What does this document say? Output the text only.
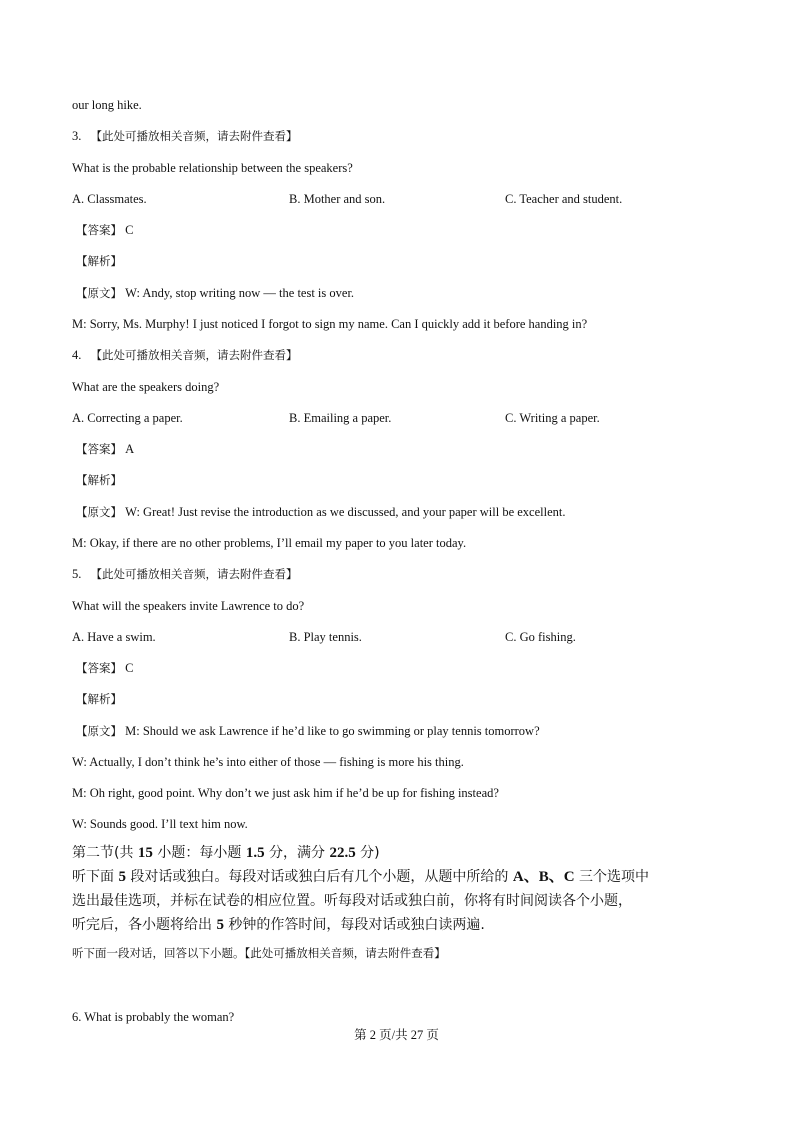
our long hike.
3. 【此处可播放相关音频，请去附件查看】
What is the probable relationship between the speakers?
A. Classmates.	B. Mother and son.	C. Teacher and student.
【答案】 C
【解析】
【原文】 W: Andy, stop writing now — the test is over.
M: Sorry, Ms. Murphy! I just noticed I forgot to sign my name. Can I quickly add it before handing in?
4. 【此处可播放相关音频，请去附件查看】
What are the speakers doing?
A. Correcting a paper.	B. Emailing a paper.	C. Writing a paper.
【答案】 A
【解析】
【原文】 W: Great! Just revise the introduction as we discussed, and your paper will be excellent.
M: Okay, if there are no other problems, I’ll email my paper to you later today.
5. 【此处可播放相关音频，请去附件查看】
What will the speakers invite Lawrence to do?
A. Have a swim.	B. Play tennis.	C. Go fishing.
【答案】 C
【解析】
【原文】 M: Should we ask Lawrence if he’d like to go swimming or play tennis tomorrow?
W: Actually, I don’t think he’s into either of those — fishing is more his thing.
M: Oh right, good point. Why don’t we just ask him if he’d be up for fishing instead?
W: Sounds good. I’ll text him now.
第二节(共 15 小题：每小题 1.5 分，满分 22.5 分)
听下面 5 段对话或独白。每段对话或独白后有几个小题，从题中所给的 A、B、C 三个选项中
选出最佳选项，并标在试卷的相应位置。听每段对话或独白前，你将有时间阅读各个小题，
听完后，各小题将给出 5 秒钟的作答时间，每段对话或独白读两遍.
听下面一段对话，回答以下小题。【此处可播放相关音频，请去附件查看】
6. What is probably the woman?
第 2 页/共 27 页
